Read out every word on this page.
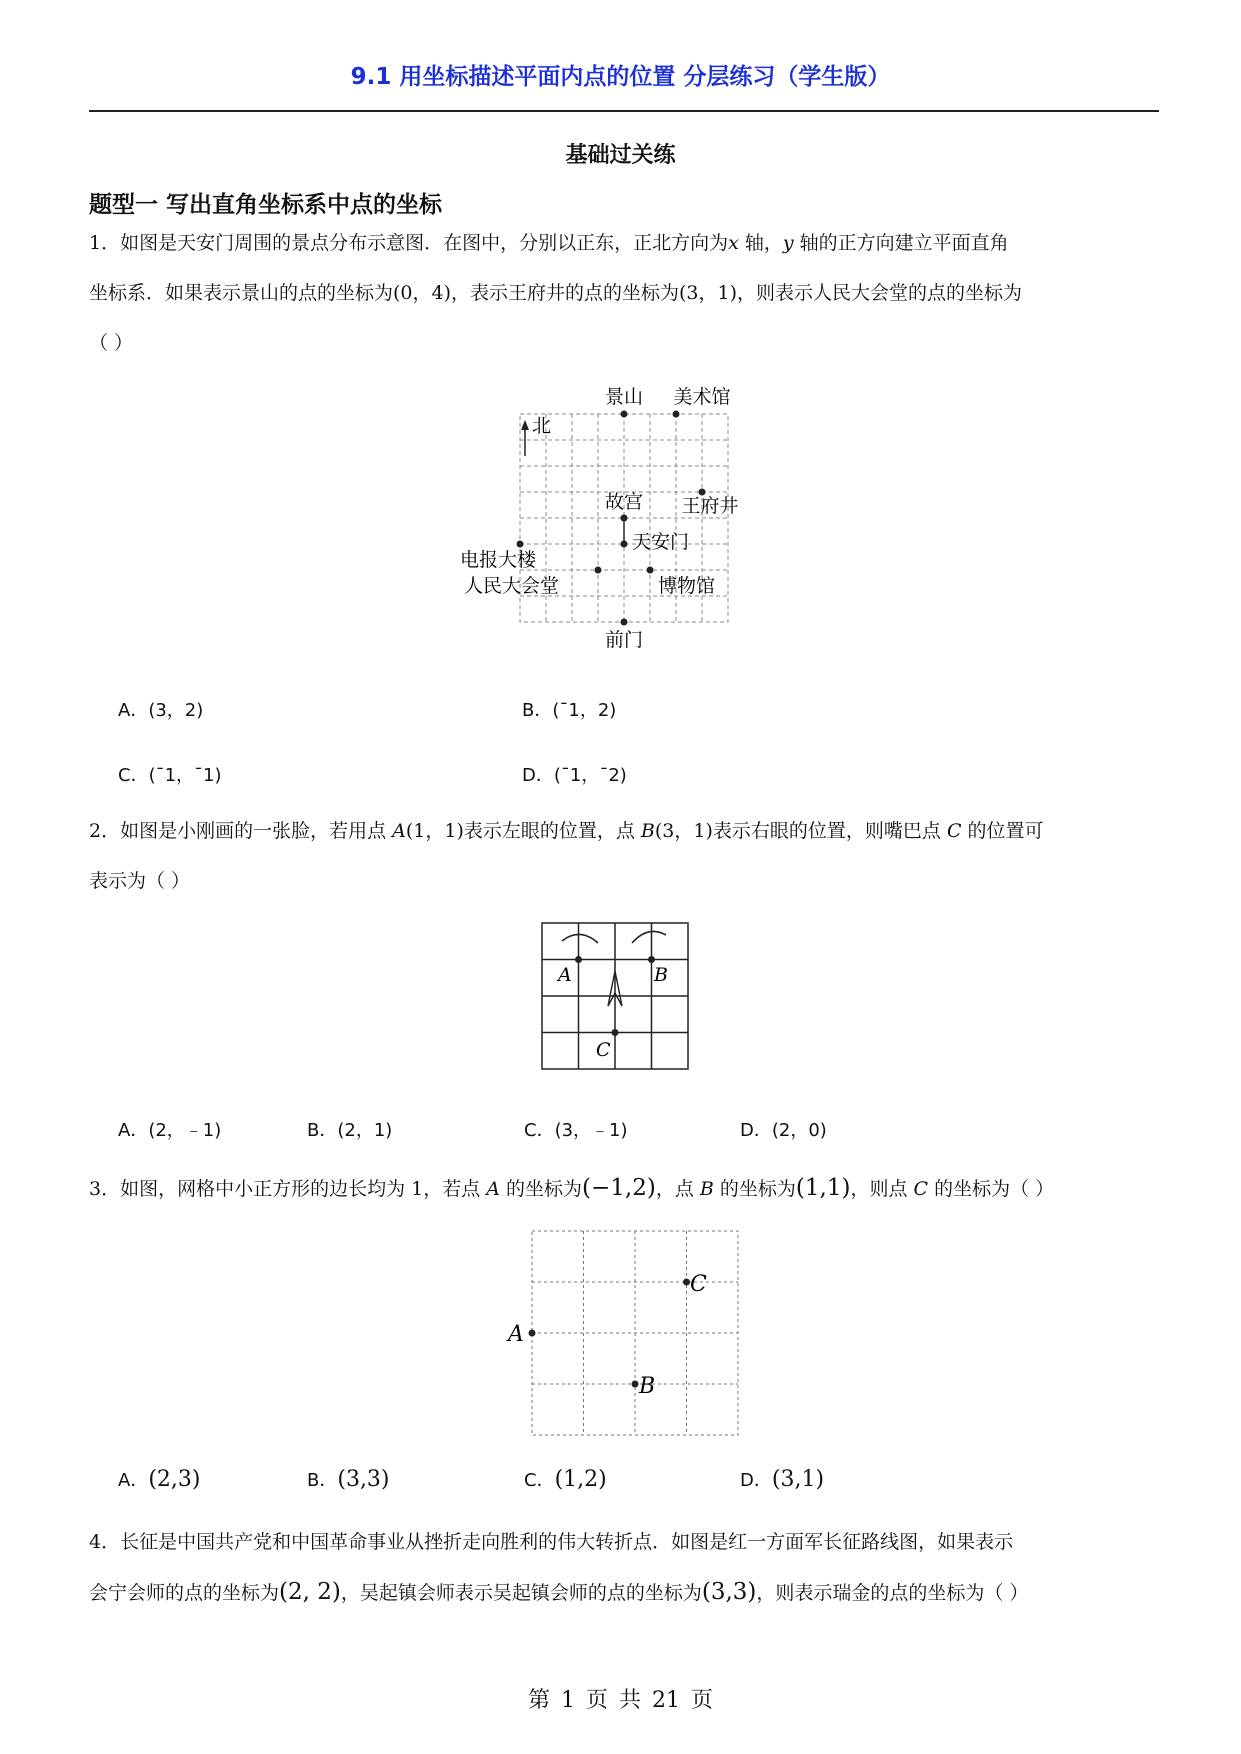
9.1 用坐标描述平面内点的位置 分层练习（学生版）
基础过关练
题型一 写出直角坐标系中点的坐标
1．如图是天安门周围的景点分布示意图．在图中，分别以正东，正北方向为x 轴，y 轴的正方向建立平面直角
坐标系．如果表示景山的点的坐标为(0，4)，表示王府井的点的坐标为(3，1)，则表示人民大会堂的点的坐标为
（ ）
北
景山 美术馆
故宫 王府井
天安门
电报大楼
人民大会堂	博物馆
前门
A．(3，2)	B．(¯1，2)
C．(¯1，¯1)	D．(¯1，¯2)
2．如图是小刚画的一张脸，若用点 A(1，1)表示左眼的位置，点 B(3，1)表示右眼的位置，则嘴巴点 C 的位置可
表示为（ ）
A	B
C
A．(2，﹣1)	B．(2，1)	C．(3，﹣1)	D．(2，0)
3．如图，网格中小正方形的边长均为 1，若点 A 的坐标为(−1,2)，点 B 的坐标为(1,1)，则点 C 的坐标为（ ）
A
B
C
A．(2,3)	B．(3,3)	C．(1,2)	D．(3,1)
4．长征是中国共产党和中国革命事业从挫折走向胜利的伟大转折点．如图是红一方面军长征路线图，如果表示
会宁会师的点的坐标为(2, 2)，吴起镇会师表示吴起镇会师的点的坐标为(3,3)，则表示瑞金的点的坐标为（ ）
第 1 页 共 21 页
